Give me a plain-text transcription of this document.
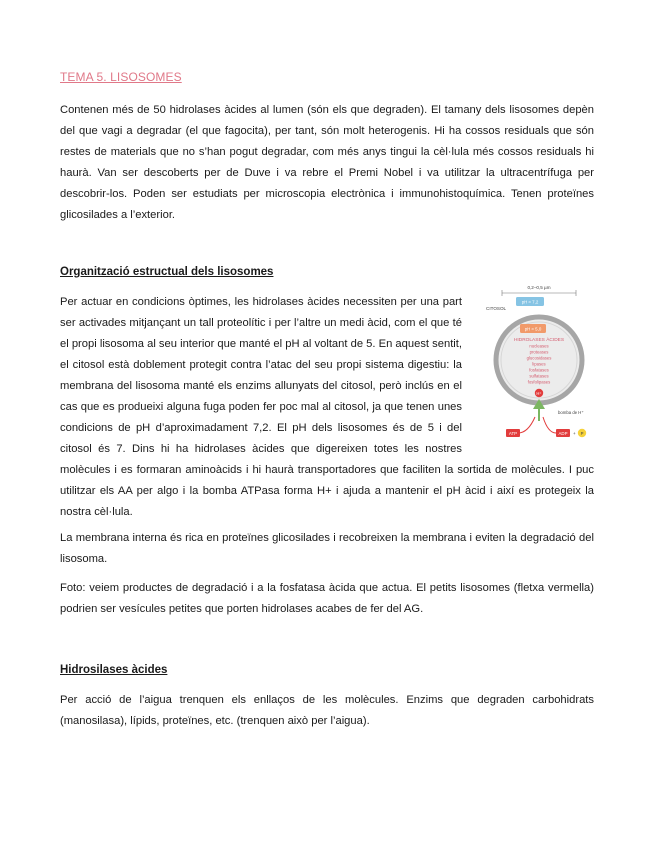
TEMA 5. LISOSOMES

Contenen més de 50 hidrolases àcides al lumen (són els que degraden). El tamany dels lisosomes depèn del que vagi a degradar (el que fagocita), per tant, són molt heterogenis. Hi ha cossos residuals que són restes de materials que no s’han pogut degradar, com més anys tingui la cèl·lula més cossos residuals hi haurà. Van ser descoberts per de Duve i va rebre el Premi Nobel i va utilitzar la ultracentrífuga per descobrir-los. Poden ser estudiats per microscopia electrònica i immunohistoquímica. Tenen proteïnes glicosilades a l’exterior.

Organització estructual dels lisosomes
Per actuar en condicions òptimes, les hidrolases àcides necessiten per una part ser activades mitjançant un tall proteolític i per l’altre un medi àcid, com el que té el propi lisosoma al seu interior que manté el pH al voltant de 5. En aquest sentit, el citosol està doblement protegit contra l’atac del seu propi sistema digestiu: la membrana del lisosoma manté els enzims allunyats del citosol, però inclús en el cas que es produeixi alguna fuga poden fer poc mal al citosol, ja que tenen unes condicions de pH d’aproximadament 7,2. El pH dels lisosomes és de 5 i del citosol és 7. Dins hi ha hidrolases àcides que digereixen totes les nostres molècules i es formaran aminoàcids i hi haurà transportadores que faciliten la sortida de molècules. I puc utilitzar els AA per algo i la bomba ATPasa forma H+ i ajuda a mantenir el pH àcid i així es protegeix la nostra cèl·lula.

La membrana interna és rica en proteïnes glicosilades i recobreixen la membrana i eviten la degradació del lisosoma.

Foto: veiem productes de degradació i a la fosfatasa àcida que actua. El petits lisosomes (fletxa vermella) podrien ser vesícules petites que porten hidrolases acabes de fer del AG.

Hidrosilases àcides

Per acció de l’aigua trenquen els enllaços de les molècules. Enzims que degraden carbohidrats (manosilasa), lípids, proteïnes, etc. (trenquen això per l’aigua).

0,2–0,5 µm
CITOSOL
pH ≈ 7,2
pH ≈ 5,0
HIDROLASES ÀCIDES
nucleases
proteases
glucosidases
lipases
fosfatases
sulfatases
fosfolipases
H⁺
bomba de H⁺
ATP	ADP + P
